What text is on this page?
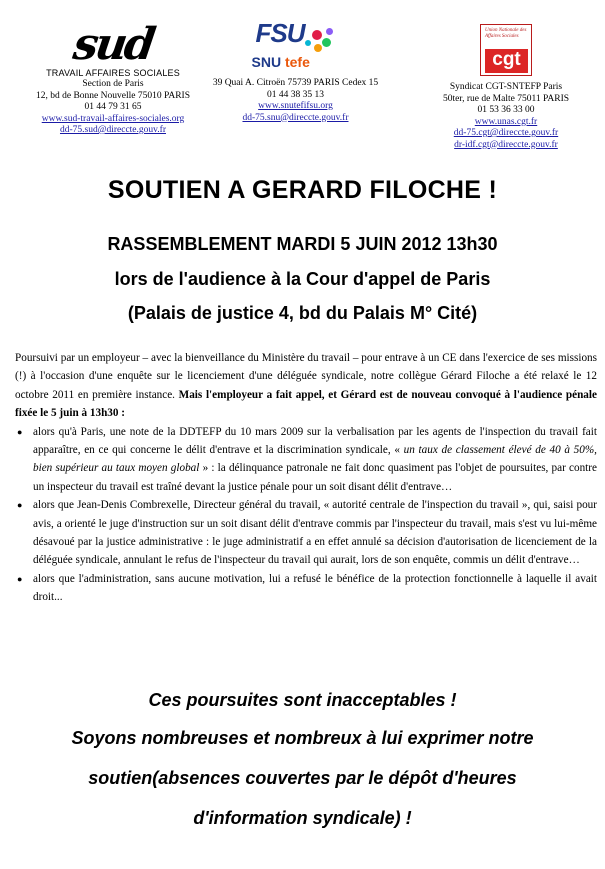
sud
TRAVAIL AFFAIRES SOCIALES
Section de Paris
12, bd de Bonne Nouvelle 75010 PARIS
01 44 79 31 65
www.sud-travail-affaires-sociales.org
dd-75.sud@direccte.gouv.fr
FSU
SNU tefe
39 Quai A. Citroën 75739 PARIS Cedex 15
01 44 38 35 13
www.snutefifsu.org
dd-75.snu@direccte.gouv.fr
Union Nationale des Affaires Sociales
cgt
Syndicat CGT-SNTEFP Paris
50ter, rue de Malte 75011 PARIS
01 53 36 33 00
www.unas.cgt.fr
dd-75.cgt@direccte.gouv.fr
dr-idf.cgt@direccte.gouv.fr
SOUTIEN A GERARD FILOCHE !
RASSEMBLEMENT MARDI 5 JUIN 2012 13h30
lors de l'audience à la Cour d'appel de Paris
(Palais de justice 4, bd du Palais M° Cité)

Poursuivi par un employeur – avec la bienveillance du Ministère du travail – pour entrave à un CE dans l'exercice de ses missions (!) à l'occasion d'une enquête sur le licenciement d'une déléguée syndicale, notre collègue Gérard Filoche a été relaxé le 12 octobre 2011 en première instance. Mais l'employeur a fait appel, et Gérard est de nouveau convoqué à l'audience pénale fixée le 5 juin à 13h30 :

● alors qu'à Paris, une note de la DDTEFP du 10 mars 2009 sur la verbalisation par les agents de l'inspection du travail fait apparaître, en ce qui concerne le délit d'entrave et la discrimination syndicale, « un taux de classement élevé de 40 à 50%, bien supérieur au taux moyen global » : la délinquance patronale ne fait donc quasiment pas l'objet de poursuites, par contre un inspecteur du travail est traîné devant la justice pénale pour un soit disant délit d'entrave…
● alors que Jean-Denis Combrexelle, Directeur général du travail, « autorité centrale de l'inspection du travail », qui, saisi pour avis, a orienté le juge d'instruction sur un soit disant délit d'entrave commis par l'inspecteur du travail, mais s'est vu lui-même désavoué par la justice administrative : le juge administratif a en effet annulé sa décision d'autorisation de licenciement de la déléguée syndicale, annulant le refus de l'inspecteur du travail qui aurait, lors de son enquête, commis un délit d'entrave…
● alors que l'administration, sans aucune motivation, lui a refusé le bénéfice de la protection fonctionnelle à laquelle il avait droit...
Ces poursuites sont inacceptables !
Soyons nombreuses et nombreux à lui exprimer notre
soutien(absences couvertes par le dépôt d'heures
d'information syndicale) !
